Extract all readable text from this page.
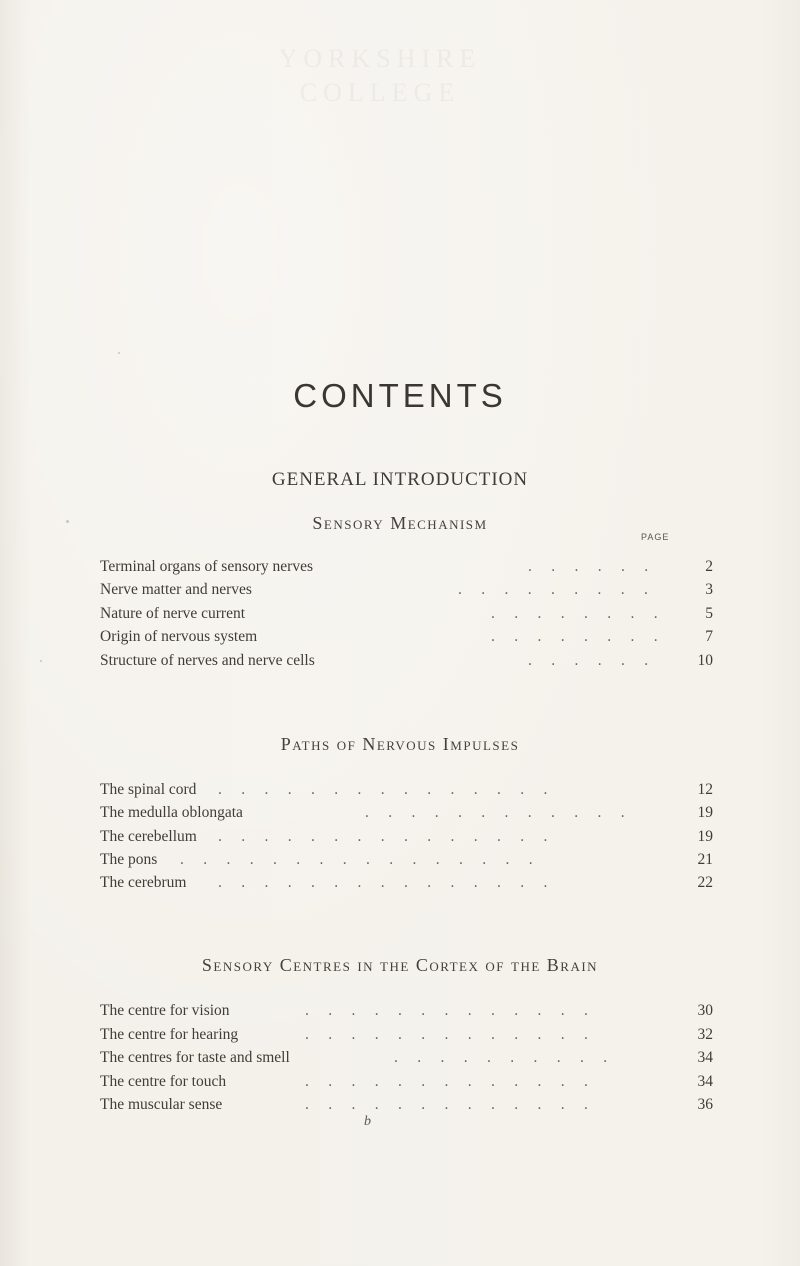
YORKSHIRE
COLLEGE
CONTENTS
GENERAL INTRODUCTION
Sensory Mechanism
PAGE
Terminal organs of sensory nerves	.     .     .     .     .     .	2
Nerve matter and nerves	.     .     .     .     .     .     .     .     .	3
Nature of nerve current	.     .     .     .     .     .     .     .	5
Origin of nervous system	.     .     .     .     .     .     .     .	7
Structure of nerves and nerve cells	.     .     .     .     .     .	10
Paths of Nervous Impulses
The spinal cord .     .     .     .     .     .     .     .     .     .     .     .     .     .     .	12
The medulla oblongata	.     .     .     .     .     .     .     .     .     .     .     .	19
The cerebellum .     .     .     .     .     .     .     .     .     .     .     .     .     .     .	19
The pons .     .     .     .     .     .     .     .     .     .     .     .     .     .     .     .	21
The cerebrum .     .     .     .     .     .     .     .     .     .     .     .     .     .     .	22
Sensory Centres in the Cortex of the Brain
The centre for vision	.     .     .     .     .     .     .     .     .     .     .     .     .	30
The centre for hearing	.     .     .     .     .     .     .     .     .     .     .     .     .	32
The centres for taste and smell	.     .     .     .     .     .     .     .     .     .	34
The centre for touch	.     .     .     .     .     .     .     .     .     .     .     .     .	34
The muscular sense	.     .     .     .     .     .     .     .     .     .     .     .     .	36
b
